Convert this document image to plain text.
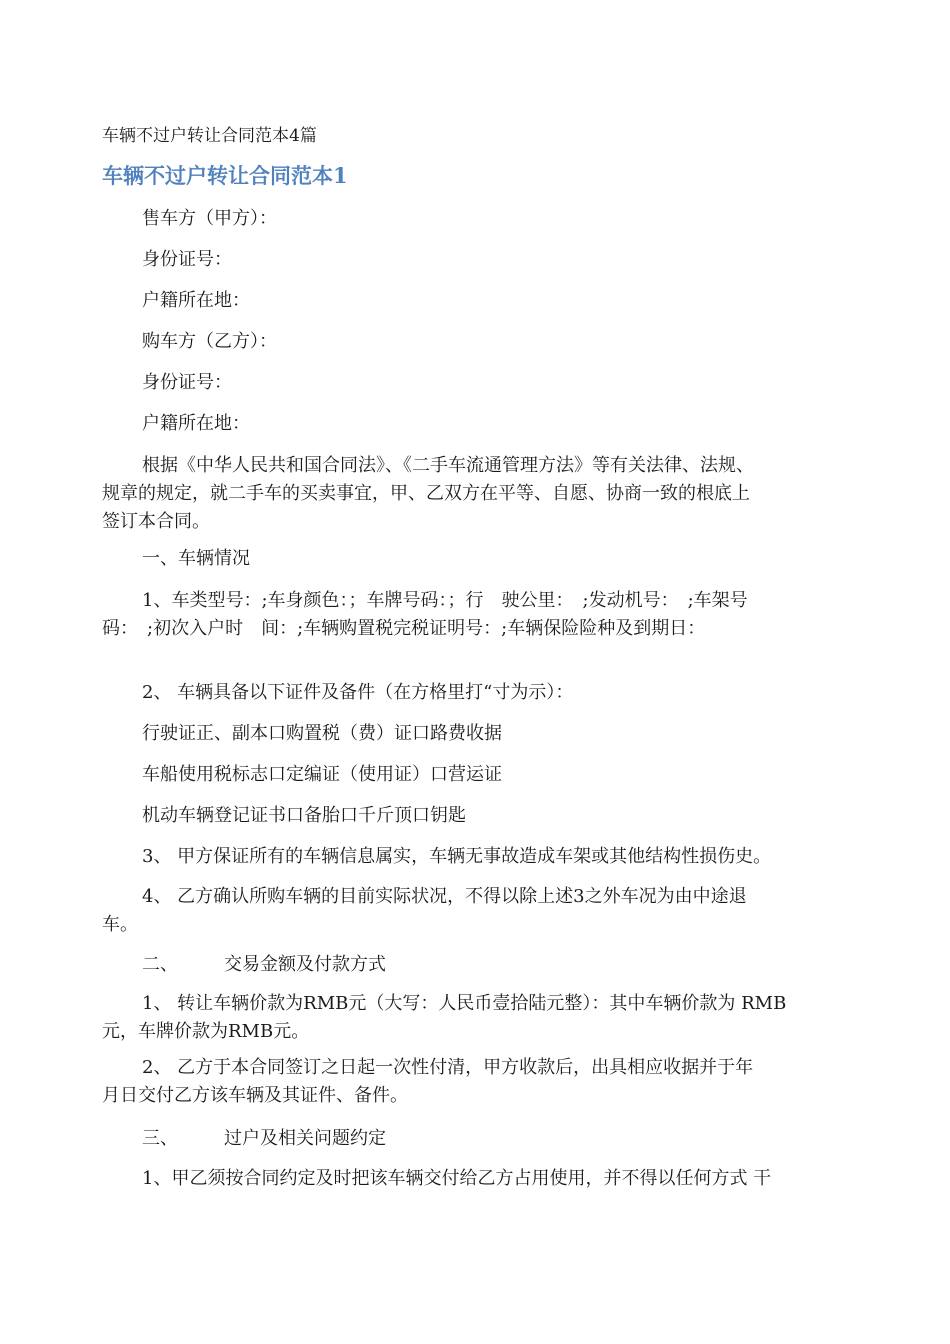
车辆不过户转让合同范本4篇
车辆不过户转让合同范本1
售车方（甲方）：
身份证号：
户籍所在地：
购车方（乙方）：
身份证号：
户籍所在地：
根据《中华人民共和国合同法》、《二手车流通管理方法》等有关法律、法规、
规章的规定，就二手车的买卖事宜，甲、乙双方在平等、自愿、协商一致的根底上
签订本合同。
一、车辆情况
1、车类型号：;车身颜色：；车牌号码：；行　驶公里：　;发动机号：　;车架号
码：　;初次入户时　间：;车辆购置税完税证明号：;车辆保险险种及到期日：
2、 车辆具备以下证件及备件（在方格里打“寸为示）：
行驶证正、副本口购置税（费）证口路费收据
车船使用税标志口定编证（使用证）口营运证
机动车辆登记证书口备胎口千斤顶口钥匙
3、 甲方保证所有的车辆信息属实，车辆无事故造成车架或其他结构性损伤史。
4、 乙方确认所购车辆的目前实际状况，不得以除上述3之外车况为由中途退
车。
二、	交易金额及付款方式
1、 转让车辆价款为RMB元（大写：人民币壹拾陆元整）：其中车辆价款为 RMB
元，车牌价款为RMB元。
2、 乙方于本合同签订之日起一次性付清，甲方收款后，出具相应收据并于年
月日交付乙方该车辆及其证件、备件。
三、	过户及相关问题约定
1、甲乙须按合同约定及时把该车辆交付给乙方占用使用，并不得以任何方式 干
